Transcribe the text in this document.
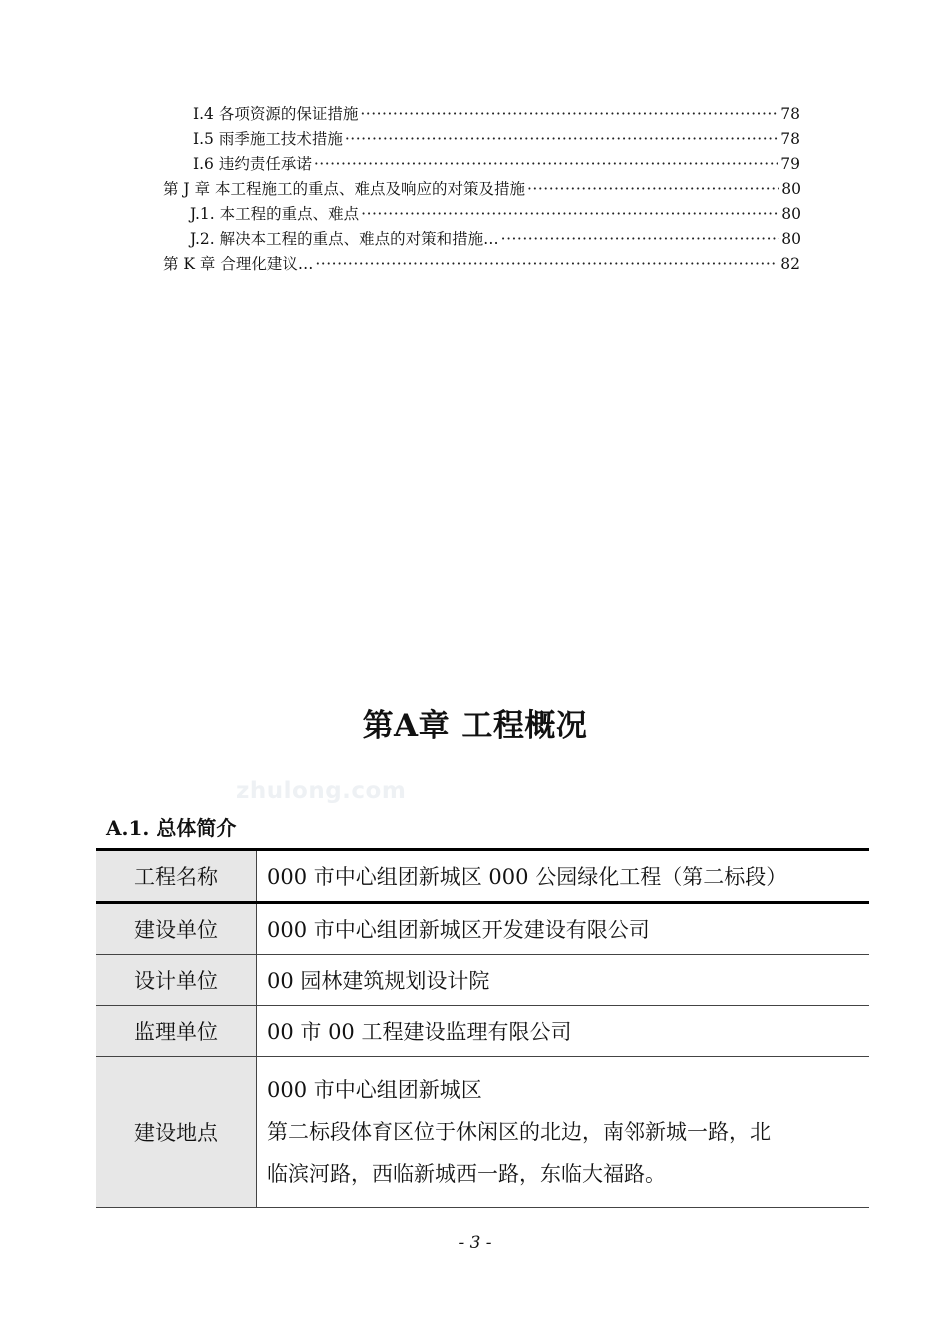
I.4 各项资源的保证措施 ·····	78
I.5 雨季施工技术措施 ·····	78
I.6 违约责任承诺 ·····	79
第 J 章 本工程施工的重点、难点及响应的对策及措施 ·····	80
J.1. 本工程的重点、难点 ·····	80
J.2. 解决本工程的重点、难点的对策和措施… ·····	80
第 K 章 合理化建议… ·····	82
第A章 工程概况
zhulong.com
A.1. 总体简介
工程名称	000 市中心组团新城区 000 公园绿化工程（第二标段）
建设单位	000 市中心组团新城区开发建设有限公司
设计单位	00 园林建筑规划设计院
监理单位	00 市 00 工程建设监理有限公司
建设地点	000 市中心组团新城区
第二标段体育区位于休闲区的北边，南邻新城一路，北
临滨河路，西临新城西一路，东临大福路。
- 3 -
